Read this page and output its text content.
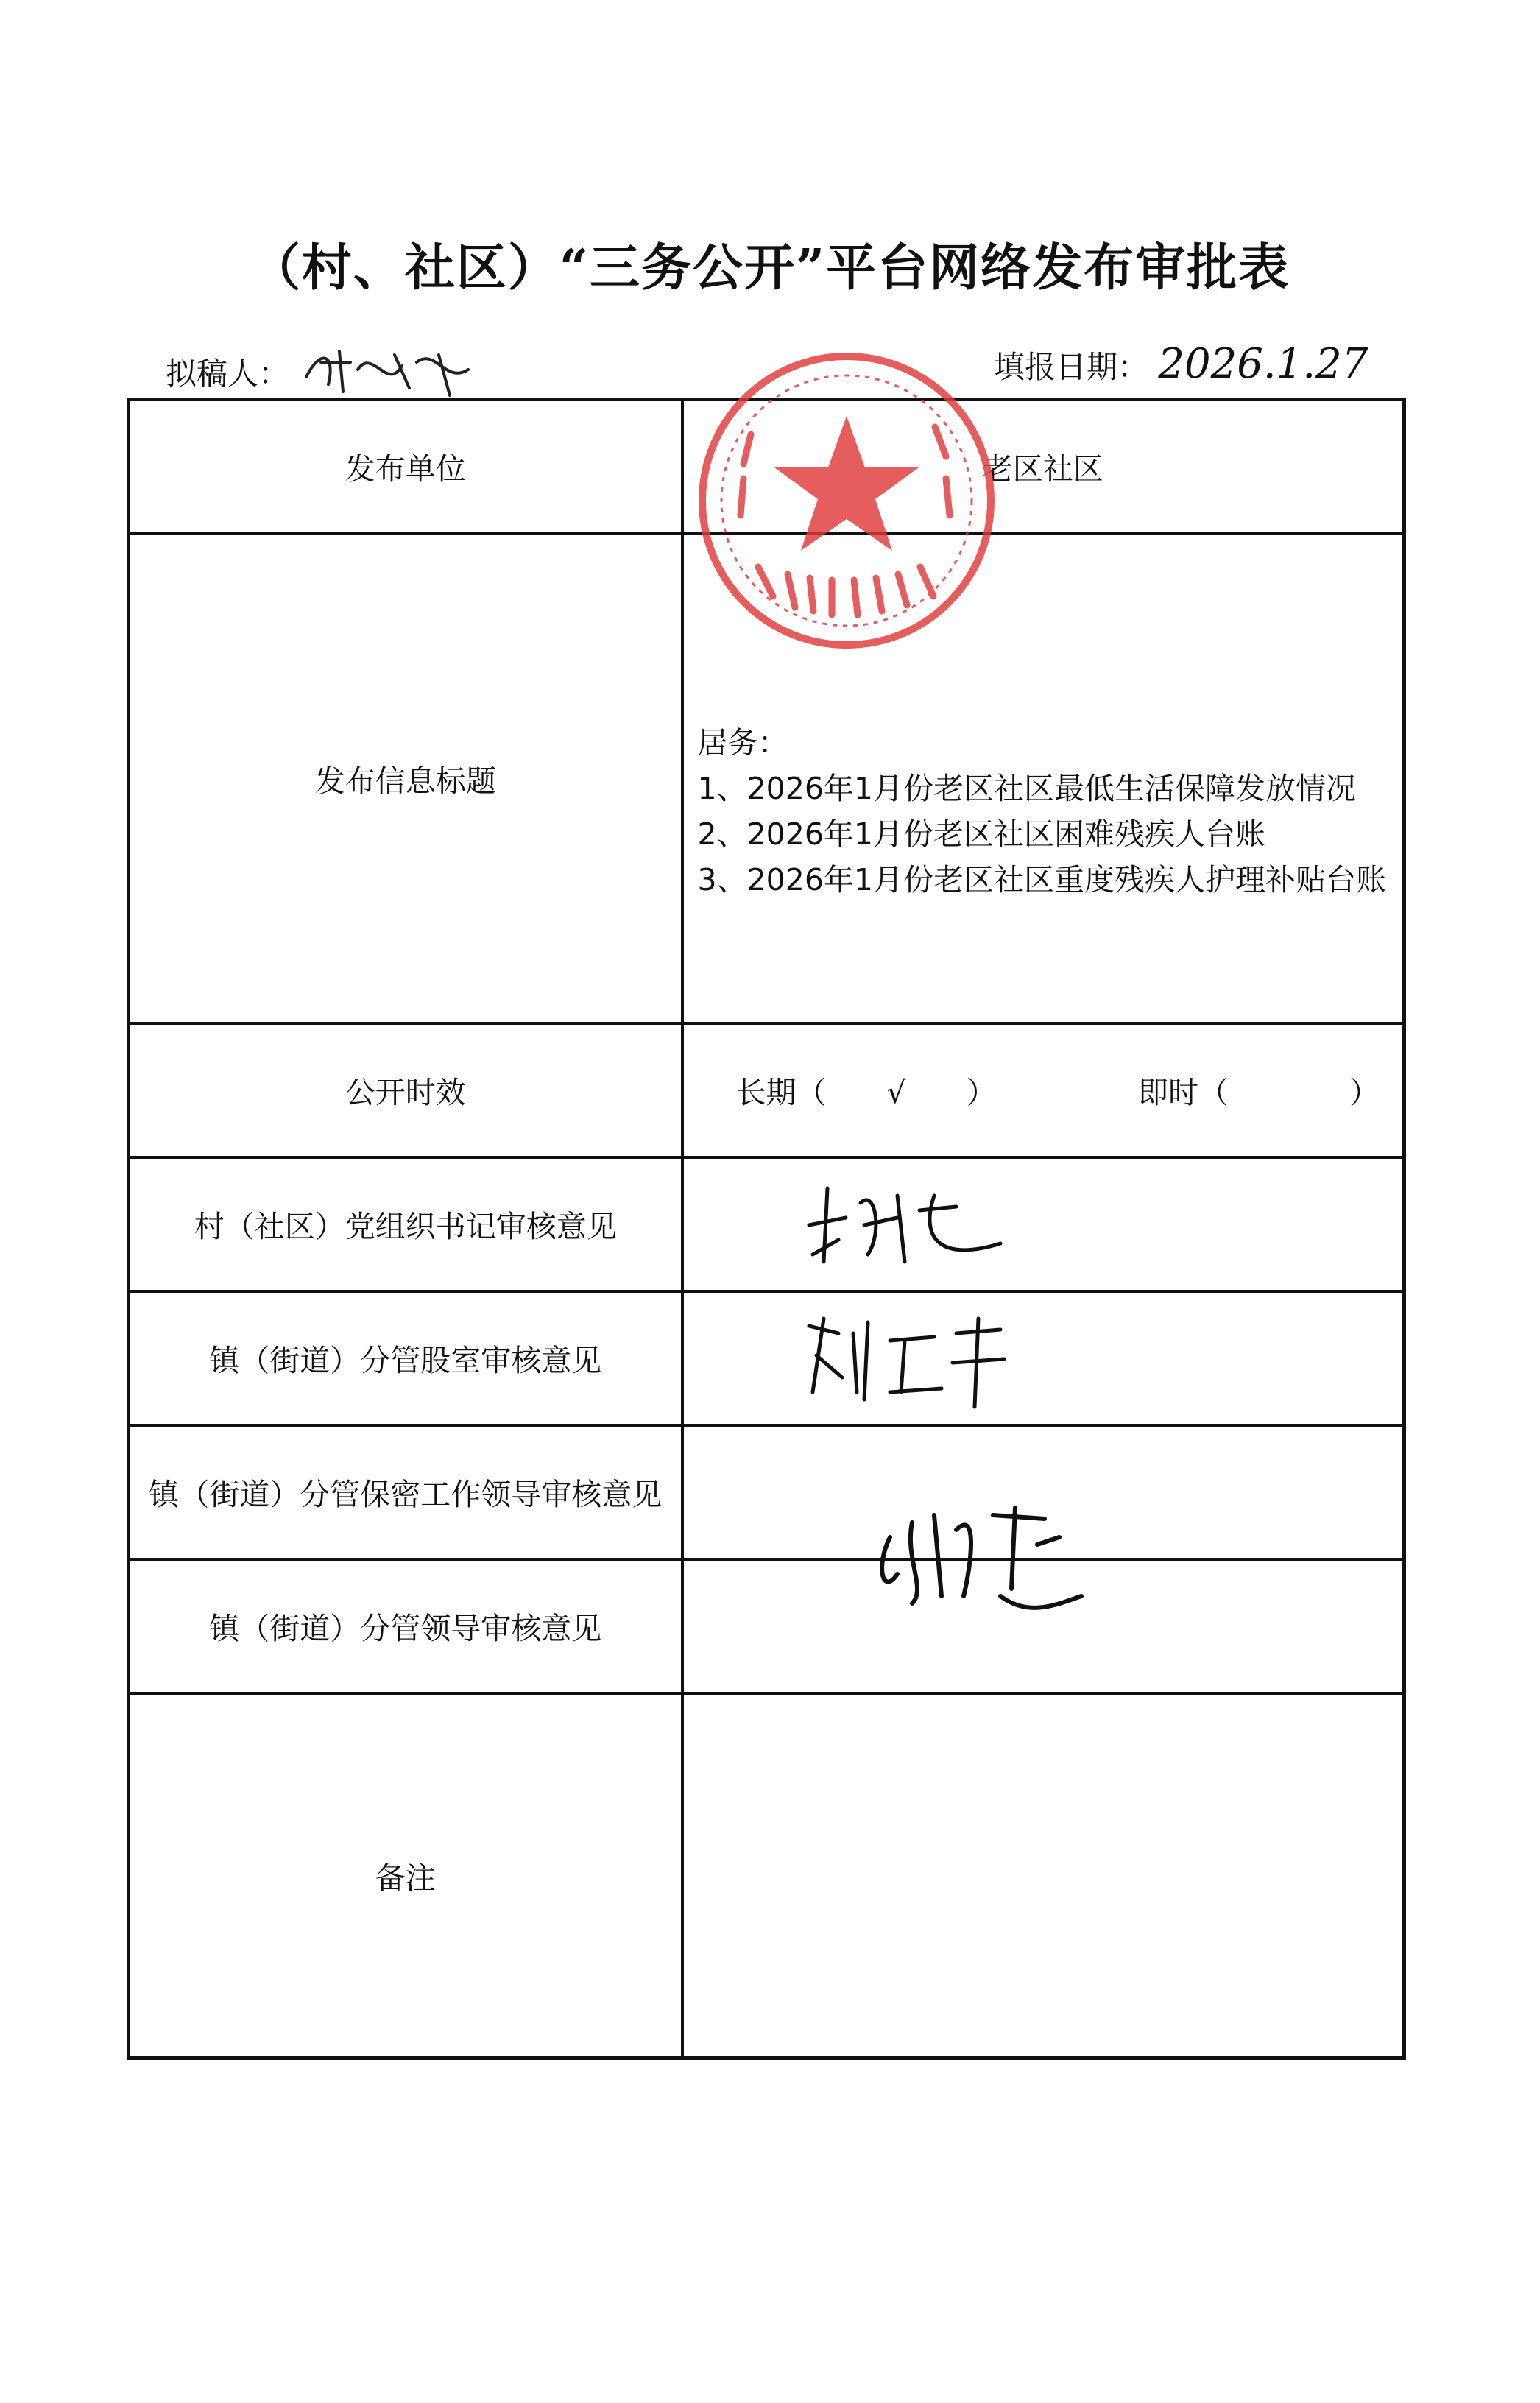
（村、社区）“三务公开”平台网络发布审批表
拟稿人：	填报日期： 2026.1.27
发布单位	老区社区
发布信息标题	居务：
1、2026年1月份老区社区最低生活保障发放情况
2、2026年1月份老区社区困难残疾人台账
3、2026年1月份老区社区重度残疾人护理补贴台账

公开时效	长期（　　√　　） 即时（　　　　）

村（社区）党组织书记审核意见	

镇（街道）分管股室审核意见	

镇（街道）分管保密工作领导审核意见	

镇（街道）分管领导审核意见	
备注	
